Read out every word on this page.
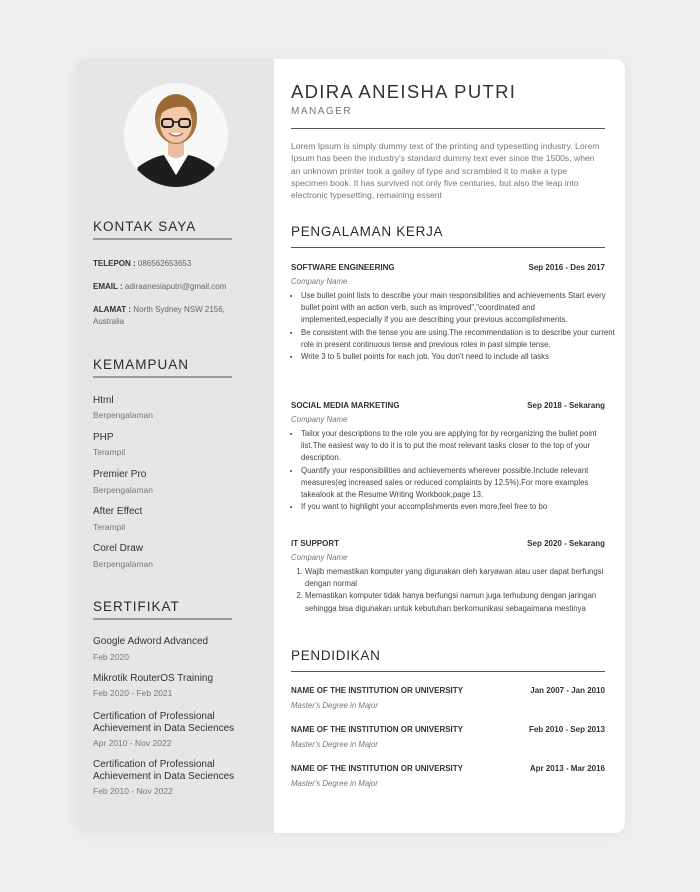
KONTAK SAYA
TELEPON : 086562653653
EMAIL : adiraanesiaputri@gmail.com
ALAMAT : North Sydney NSW 2156, Australia
KEMAMPUAN
Html
Berpengalaman
PHP
Terampil
Premier Pro
Berpengalaman
After Effect
Terampil
Corel Draw
Berpengalaman
SERTIFIKAT
Google Adword Advanced
Feb 2020
Mikrotik RouterOS Training
Feb 2020 - Feb 2021
Certification of Professional Achievement in Data Seciences
Apr 2010 - Nov 2022
Certification of Professional Achievement in Data Seciences
Feb 2010 - Nov 2022
ADIRA ANEISHA PUTRI
MANAGER

Lorem Ipsum is simply dummy text of the printing and typesetting industry. Lorem Ipsum has been the industry's standard dummy text ever since the 1500s, when an unknown printer took a galley of type and scrambled it to make a type specimen book. It has survived not only five centuries, but also the leap into electronic typesetting, remaining essent

PENGALAMAN KERJA
SOFTWARE ENGINEERING	Sep 2016 - Des 2017
Company Name
• Use bullet point lists to describe your main responsibilities and achievements Start every bullet point with an action verb, such as improved","coordinated and implemented,especially if you are describing your previous accomplishments.
• Be consistent with the tense you are using.The recommendation is to describe your current role in present continuous tense and previous roles in past simple tense.
• Write 3 to 5 bullet points for each job. You don't need to include all tasks
SOCIAL MEDIA MARKETING	Sep 2018 - Sekarang
Company Name
• Tailor your descriptions to the role you are applying for by reorganizing the bullet point list.The easiest way to do it is to put the most relevant tasks closer to the top of your description.
• Quantify your responsibilities and achievements wherever possible.Include relevant measures(eg increased sales or reduced complaints by 12.5%).For more examples takealook at the Resume Writing Workbook,page 13.
• If you want to highlight your accomplishments even more,feel free to bo
IT SUPPORT	Sep 2020 - Sekarang
Company Name
1. Wajib memastikan komputer yang digunakan oleh karyawan atau user dapat berfungsi dengan normal
2. Memastikan komputer tidak hanya berfungsi namun juga terhubung dengan jaringan sehingga bisa digunakan untuk kebutuhan berkomunikasi sebagaimana mestinya
PENDIDIKAN
NAME OF THE INSTITUTION OR UNIVERSITY	Jan 2007 - Jan 2010
Master's Degree in Major
NAME OF THE INSTITUTION OR UNIVERSITY	Feb 2010 - Sep 2013
Master's Degree in Major
NAME OF THE INSTITUTION OR UNIVERSITY	Apr 2013 - Mar 2016
Master's Degree in Major
